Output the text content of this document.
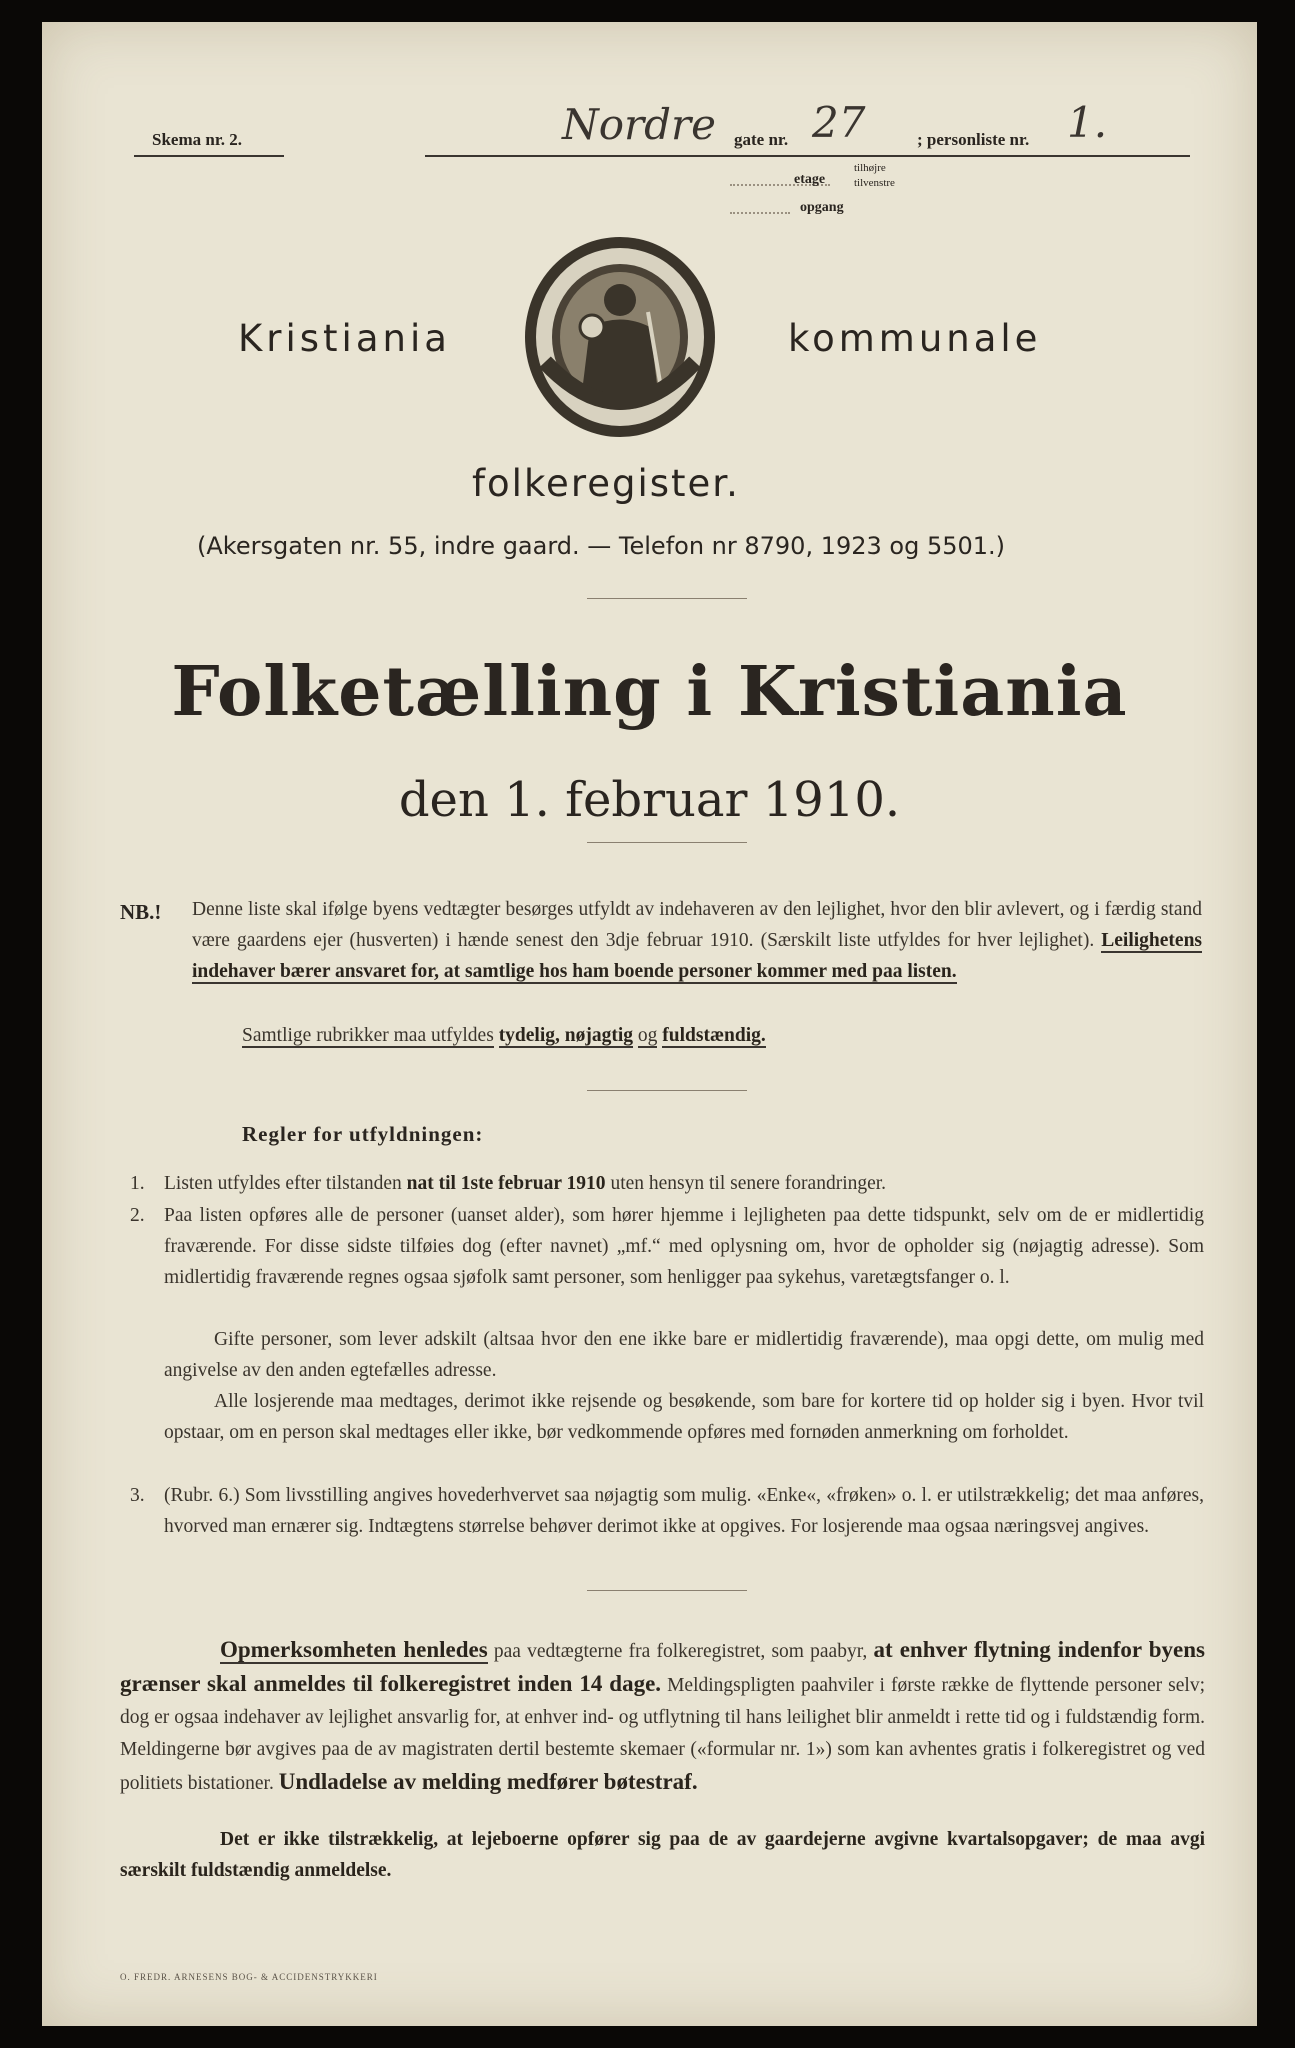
Skema nr. 2.	Nordre gate nr. 27	; personliste nr. 1.
etage
tilhøjre
tilvenstre
opgang
Kristiania	kommunale
folkeregister.
(Akersgaten nr. 55, indre gaard. — Telefon nr 8790, 1923 og 5501.)
Folketælling i Kristiania
den 1. februar 1910.
NB.! Denne liste skal ifølge byens vedtægter besørges utfyldt av indehaveren av den lejlighet, hvor den blir avlevert, og i færdig stand være gaardens ejer (husverten) i hænde senest den 3dje februar 1910. (Særskilt liste utfyldes for hver lejlighet). Leilighetens indehaver bærer ansvaret for, at samtlige hos ham boende personer kommer med paa listen.
Samtlige rubrikker maa utfyldes tydelig, nøjagtig og fuldstændig.
Regler for utfyldningen:
1. Listen utfyldes efter tilstanden nat til 1ste februar 1910 uten hensyn til senere forandringer.
2. Paa listen opføres alle de personer (uanset alder), som hører hjemme i lejligheten paa dette tidspunkt, selv om de er midlertidig fraværende. For disse sidste tilføies dog (efter navnet) „mf.“ med oplysning om, hvor de opholder sig (nøjagtig adresse). Som midlertidig fraværende regnes ogsaa sjøfolk samt personer, som henligger paa sykehus, varetægtsfanger o. l.
Gifte personer, som lever adskilt (altsaa hvor den ene ikke bare er midlertidig fraværende), maa opgi dette, om mulig med angivelse av den anden egtefælles adresse.
Alle losjerende maa medtages, derimot ikke rejsende og besøkende, som bare for kortere tid op holder sig i byen. Hvor tvil opstaar, om en person skal medtages eller ikke, bør vedkommende opføres med fornøden anmerkning om forholdet.
3. (Rubr. 6.) Som livsstilling angives hovederhvervet saa nøjagtig som mulig. «Enke«, «frøken» o. l. er utilstrækkelig; det maa anføres, hvorved man ernærer sig. Indtægtens størrelse behøver derimot ikke at opgives. For losjerende maa ogsaa næringsvej angives.
Opmerksomheten henledes paa vedtægterne fra folkeregistret, som paabyr, at enhver flytning indenfor byens grænser skal anmeldes til folkeregistret inden 14 dage. Meldingspligten paahviler i første række de flyttende personer selv; dog er ogsaa indehaver av lejlighet ansvarlig for, at enhver ind- og utflytning til hans leilighet blir anmeldt i rette tid og i fuldstændig form. Meldingerne bør avgives paa de av magistraten dertil bestemte skemaer («formular nr. 1») som kan avhentes gratis i folkeregistret og ved politiets bistationer. Undladelse av melding medfører bøtestraf.
Det er ikke tilstrækkelig, at lejeboerne opfører sig paa de av gaardejerne avgivne kvartalsopgaver; de maa avgi særskilt fuldstændig anmeldelse.
O. FREDR. ARNESENS BOG- & ACCIDENSTRYKKERI
